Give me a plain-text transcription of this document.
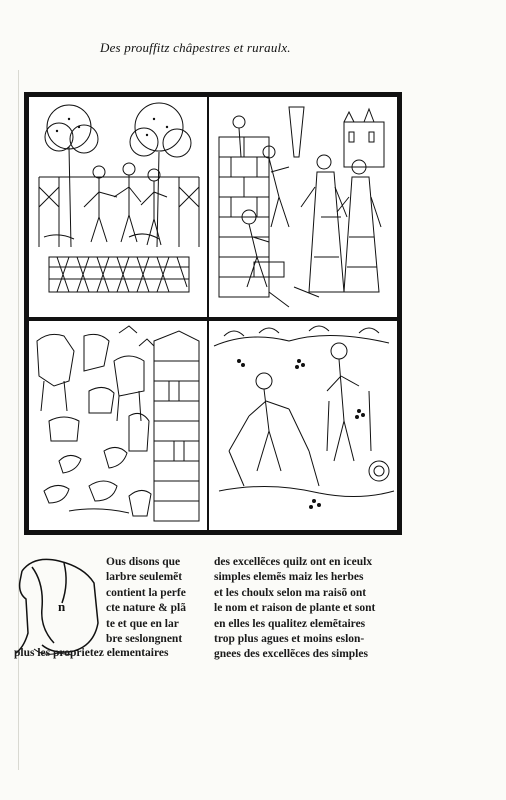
Des prouffitz châpestres et ruraulx.
n
Ous disons que
larbre seulemẽt
contient la perfe
cte nature & plã
te et que en lar
bre seslongnent
plus les proprietez elementaires
des excellẽces quilz ont en iceulx
simples elemẽs maiz les herbes
et les choulx selon ma raisõ ont
le nom et raison de plante et sont
en elles les qualitez elemẽtaires
trop plus agues et moins eslon-
gnees des excellẽces des simples
